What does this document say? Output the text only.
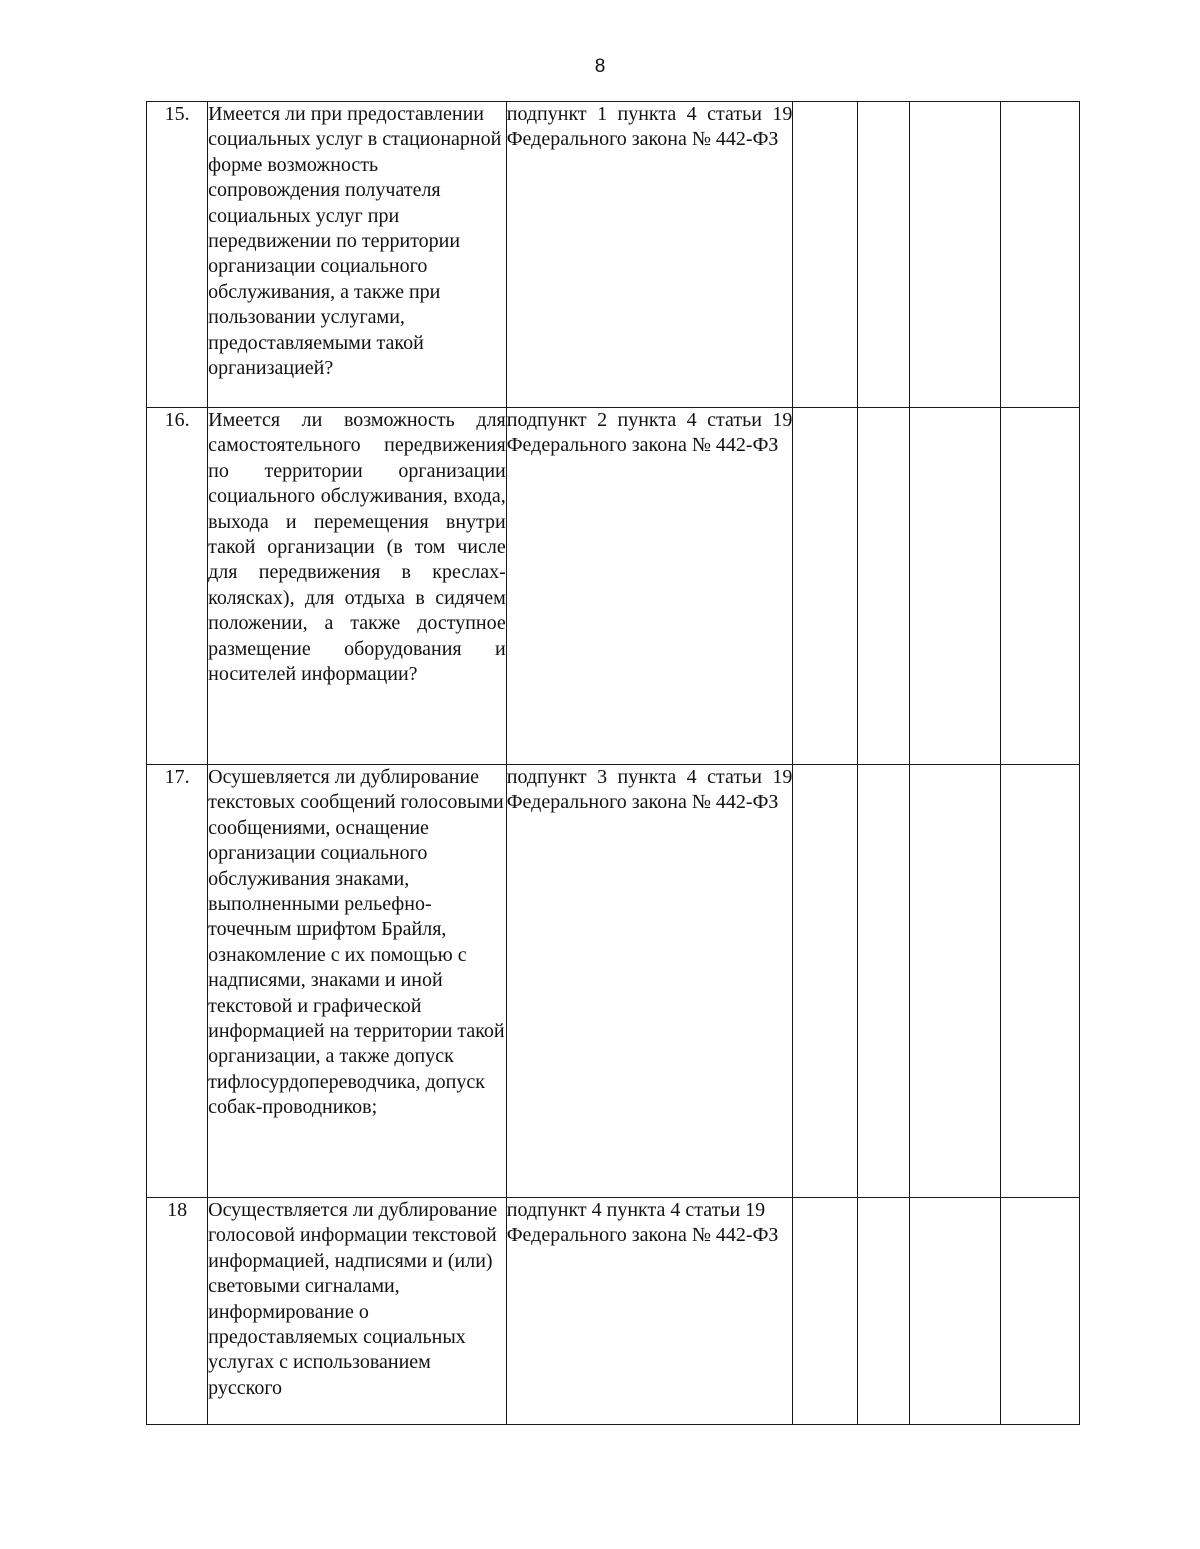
8
15.	Имеется ли при предоставлении социальных услуг в стационарной форме возможность сопровождения получателя социальных услуг при передвижении по территории организации социального обслуживания, а также при пользовании услугами, предоставляемыми такой организацией?	подпункт 1 пункта 4 статьи 19 Федерального закона № 442-ФЗ				
16.	Имеется ли возможность для самостоятельного передвижения по территории организации социального обслуживания, входа, выхода и перемещения внутри такой организации (в том числе для передвижения в креслах-колясках), для отдыха в сидячем положении, а также доступное размещение оборудования и носителей информации?	подпункт 2 пункта 4 статьи 19 Федерального закона № 442-ФЗ				
17.	Осушевляется ли дублирование текстовых сообщений голосовыми сообщениями, оснащение организации социального обслуживания знаками, выполненными рельефно-точечным шрифтом Брайля, ознакомление с их помощью с надписями, знаками и иной текстовой и графической информацией на территории такой организации, а также допуск тифлосурдопереводчика, допуск собак-проводников;	подпункт 3 пункта 4 статьи 19 Федерального закона № 442-ФЗ				
18	Осуществляется ли дублирование голосовой информации текстовой информацией, надписями и (или) световыми сигналами, информирование о предоставляемых социальных услугах с использованием русского	подпункт 4 пункта 4 статьи 19 Федерального закона № 442-ФЗ				
